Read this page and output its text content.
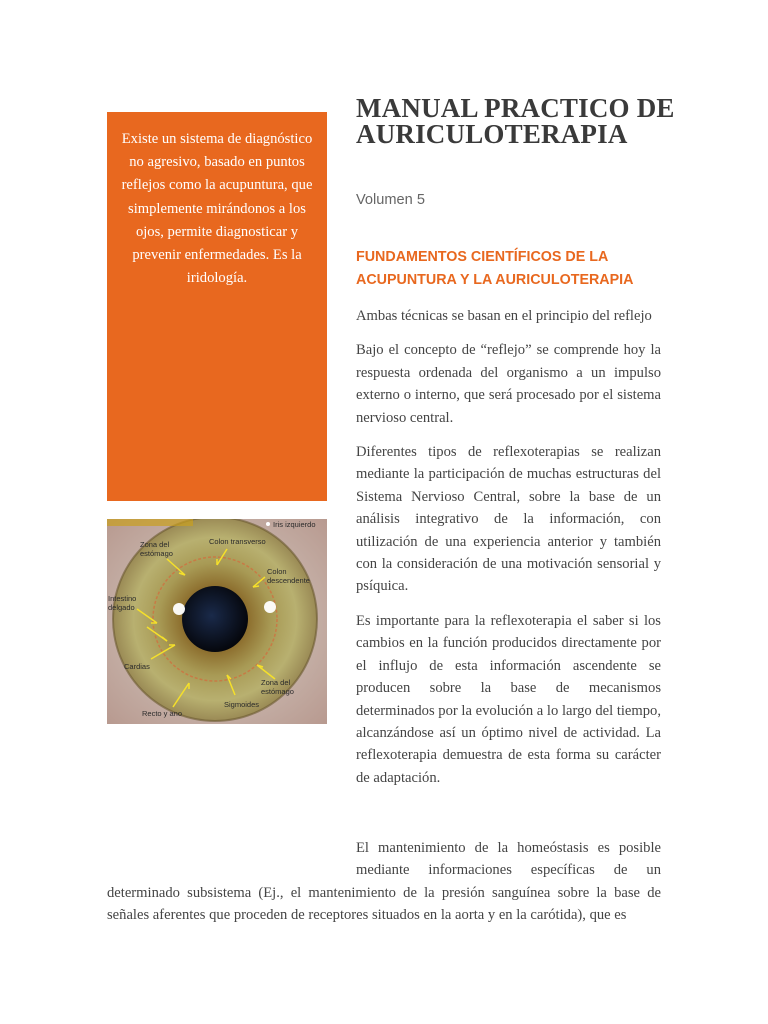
Existe un sistema de diagnóstico no agresivo, basado en puntos reflejos como la acupuntura, que simplemente mirándonos a los ojos, permite diagnosticar y prevenir enfermedades. Es la iridología.
Iris izquierdo
Colon transverso
Zona del
estómago
Colon
descendente
Intestino
delgado
Cardias
Zona del
estómago
Sigmoides
Recto y ano
MANUAL PRACTICO DE AURICULOTERAPIA
Volumen 5
FUNDAMENTOS CIENTÍFICOS DE LA ACUPUNTURA Y LA AURICULOTERAPIA

Ambas técnicas se basan en el principio del reflejo

Bajo el concepto de “reflejo” se comprende hoy la respuesta ordenada del organismo a un impulso externo o interno, que será procesado por el sistema nervioso central.

Diferentes tipos de reflexoterapias se realizan mediante la participación de muchas estructuras del Sistema Nervioso Central, sobre la base de un análisis integrativo de la información, con utilización de una experiencia anterior y también con la consideración de una motivación sensorial y psíquica.

Es importante para la reflexoterapia el saber si los cambios en la función producidos directamente por el influjo de esta información ascendente se producen sobre la base de mecanismos determinados por la evolución a lo largo del tiempo, alcanzándose así un óptimo nivel de actividad. La reflexoterapia demuestra de esta forma su carácter de adaptación.

El mantenimiento de la homeóstasis es posible mediante informaciones específicas de un determinado subsistema (Ej., el mantenimiento de la presión sanguínea sobre la base de señales aferentes que proceden de receptores situados en la aorta y en la carótida), que es
